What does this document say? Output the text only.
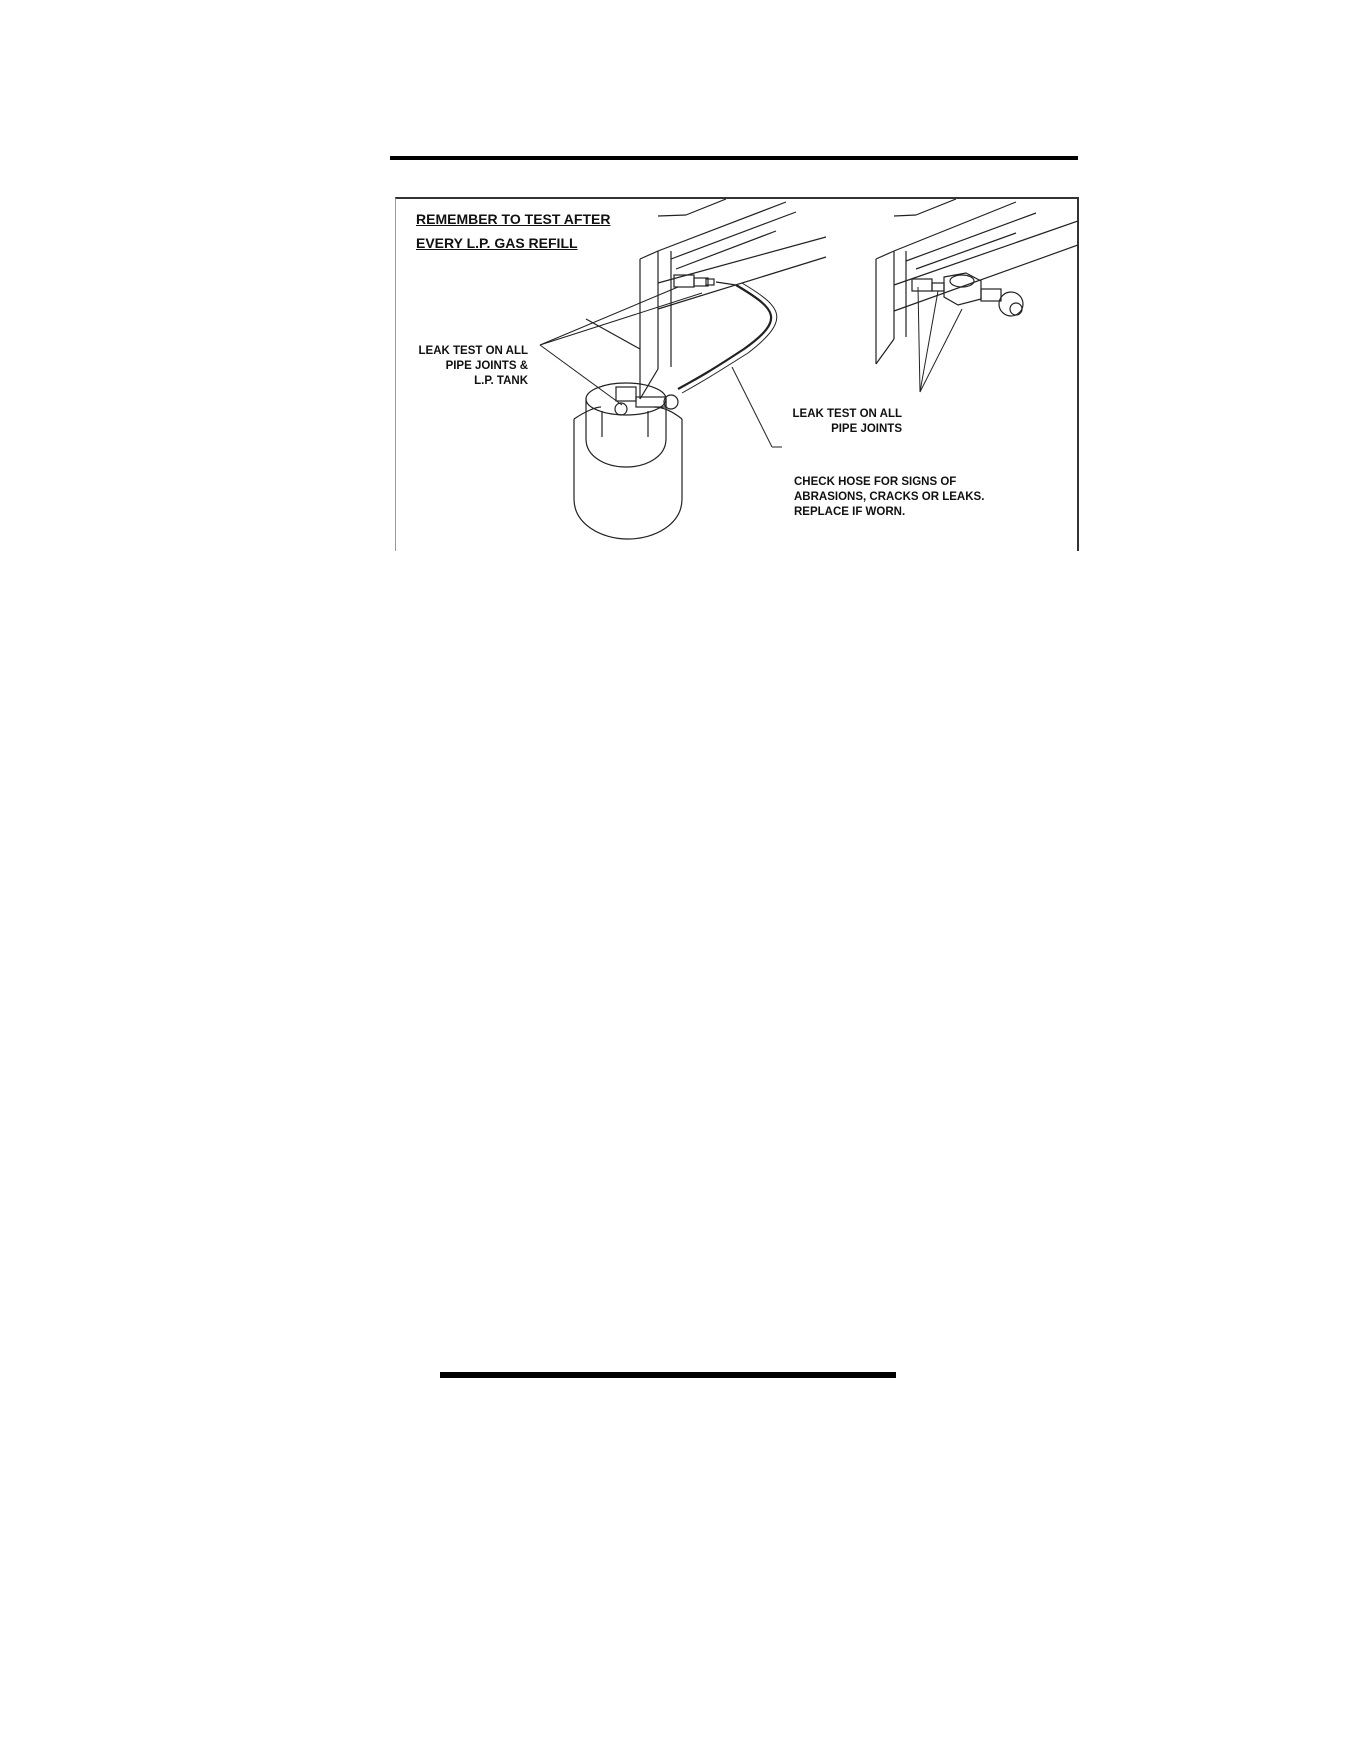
REMEMBER TO TEST AFTER
EVERY L.P. GAS REFILL
LEAK TEST ON ALL
PIPE JOINTS &
L.P. TANK
LEAK TEST ON ALL
PIPE JOINTS
CHECK HOSE FOR SIGNS OF
ABRASIONS, CRACKS OR LEAKS.
REPLACE IF WORN.
